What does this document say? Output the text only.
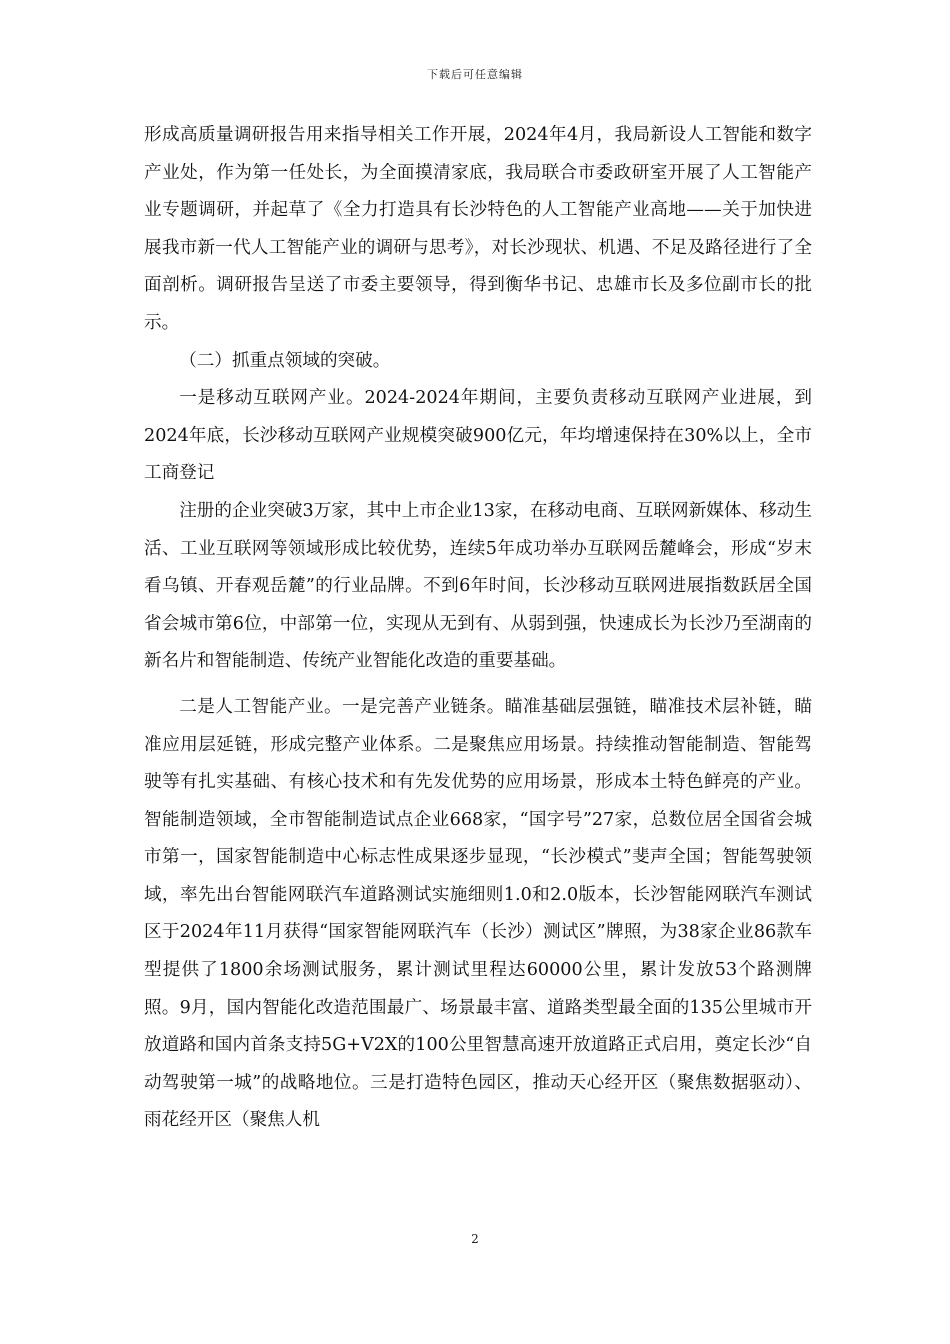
下载后可任意编辑

形成高质量调研报告用来指导相关工作开展，2024年4月，我局新设人工智能和数字产业处，作为第一任处长，为全面摸清家底，我局联合市委政研室开展了人工智能产业专题调研，并起草了《全力打造具有长沙特色的人工智能产业高地——关于加快进展我市新一代人工智能产业的调研与思考》，对长沙现状、机遇、不足及路径进行了全面剖析。调研报告呈送了市委主要领导，得到衡华书记、忠雄市长及多位副市长的批示。

（二）抓重点领域的突破。

一是移动互联网产业。2024-2024年期间，主要负责移动互联网产业进展，到2024年底，长沙移动互联网产业规模突破900亿元，年均增速保持在30%以上，全市工商登记

注册的企业突破3万家，其中上市企业13家，在移动电商、互联网新媒体、移动生活、工业互联网等领域形成比较优势，连续5年成功举办互联网岳麓峰会，形成“岁末看乌镇、开春观岳麓”的行业品牌。不到6年时间，长沙移动互联网进展指数跃居全国省会城市第6位，中部第一位，实现从无到有、从弱到强，快速成长为长沙乃至湖南的新名片和智能制造、传统产业智能化改造的重要基础。

二是人工智能产业。一是完善产业链条。瞄准基础层强链，瞄准技术层补链，瞄准应用层延链，形成完整产业体系。二是聚焦应用场景。持续推动智能制造、智能驾驶等有扎实基础、有核心技术和有先发优势的应用场景，形成本土特色鲜亮的产业。智能制造领域，全市智能制造试点企业668家，“国字号”27家，总数位居全国省会城市第一，国家智能制造中心标志性成果逐步显现，“长沙模式”斐声全国；智能驾驶领域，率先出台智能网联汽车道路测试实施细则1.0和2.0版本，长沙智能网联汽车测试区于2024年11月获得“国家智能网联汽车（长沙）测试区”牌照，为38家企业86款车型提供了1800余场测试服务，累计测试里程达60000公里，累计发放53个路测牌照。9月，国内智能化改造范围最广、场景最丰富、道路类型最全面的135公里城市开放道路和国内首条支持5G+V2X的100公里智慧高速开放道路正式启用，奠定长沙“自动驾驶第一城”的战略地位。三是打造特色园区，推动天心经开区（聚焦数据驱动）、雨花经开区（聚焦人机

2
